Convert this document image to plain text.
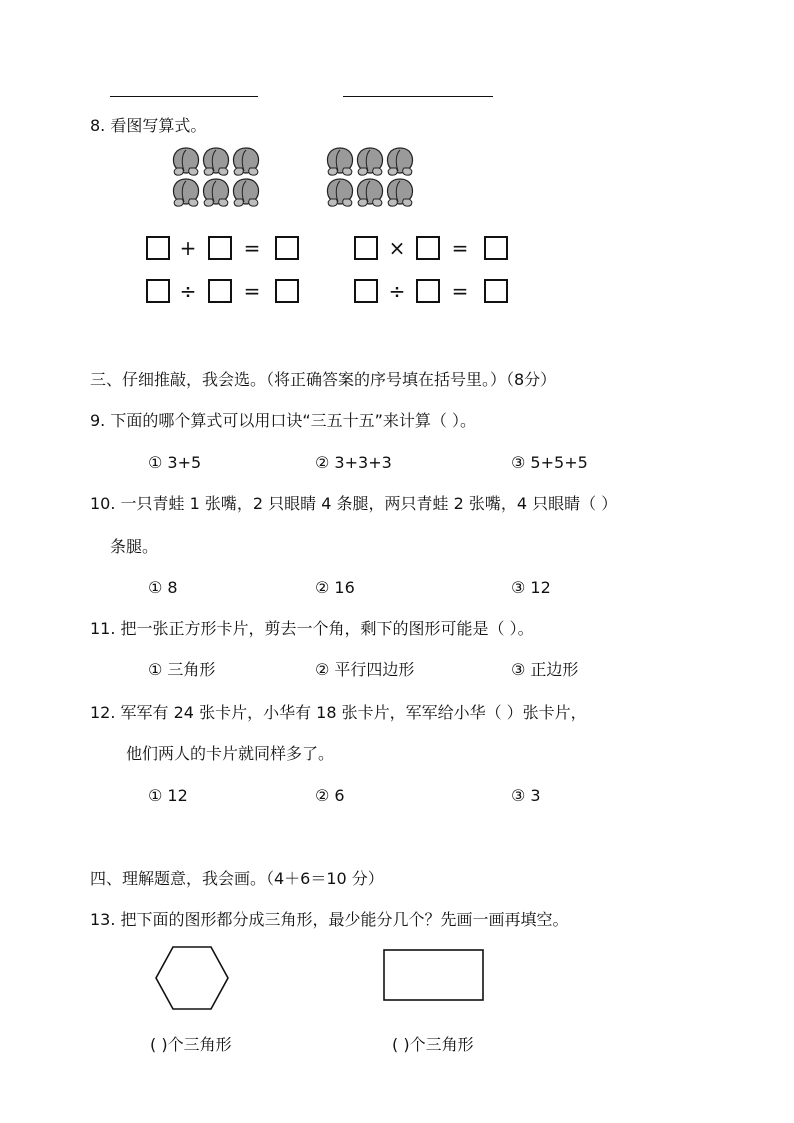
8. 看图写算式。
+ =	× =
÷ =	÷ =
三、仔细推敲，我会选。（将正确答案的序号填在括号里。）（8分）
9. 下面的哪个算式可以用口诀“三五十五”来计算（ ）。
① 3+5	② 3+3+3	③ 5+5+5
10. 一只青蛙 1 张嘴，2 只眼睛 4 条腿，两只青蛙 2 张嘴，4 只眼睛（ ）
条腿。
① 8	② 16	③ 12
11. 把一张正方形卡片，剪去一个角，剩下的图形可能是（ ）。
① 三角形	② 平行四边形	③ 正边形
12. 军军有 24 张卡片，小华有 18 张卡片，军军给小华（ ）张卡片，
他们两人的卡片就同样多了。
① 12	② 6	③ 3
四、理解题意，我会画。（4＋6＝10 分）
13. 把下面的图形都分成三角形，最少能分几个？先画一画再填空。
( )个三角形	( )个三角形
